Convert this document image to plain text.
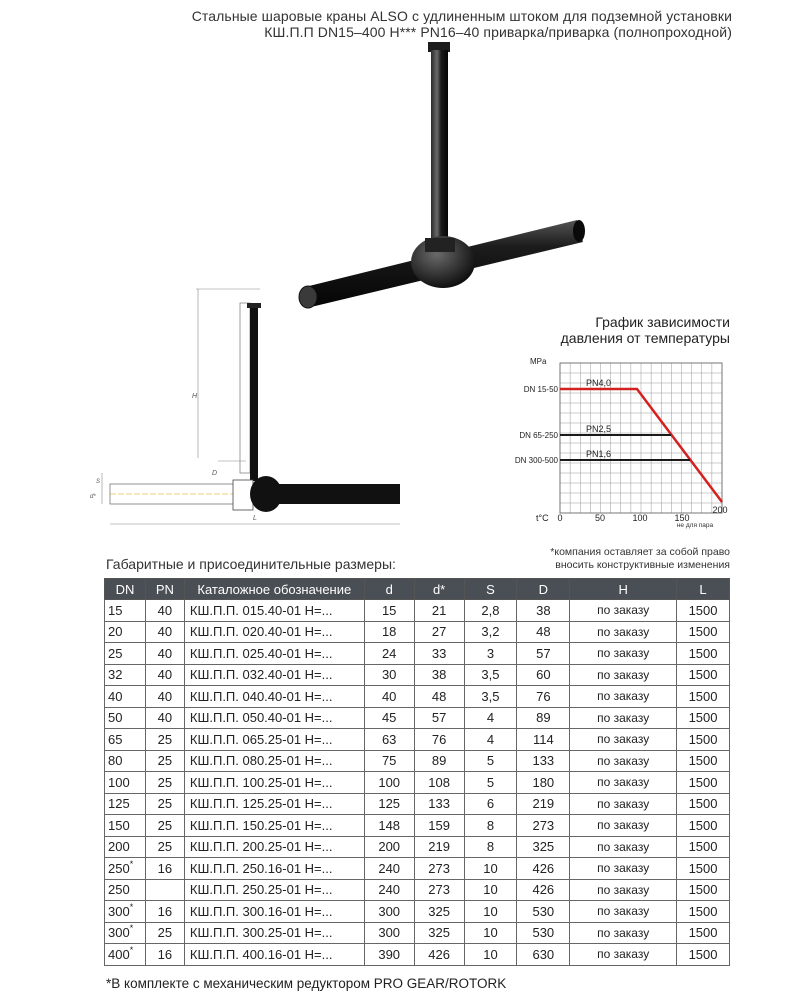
Стальные шаровые краны ALSO с удлиненным штоком для подземной установки
КШ.П.П DN15–400 Н*** PN16–40 приварка/приварка (полнопроходной)
H
D
L
S
d*
График зависимости
давления от температуры
MPa
DN 15-50
DN 65-250
DN 300-500
PN4,0
PN2,5
PN1,6
t°C 0	50	100	150
200
не для пара
*компания оставляет за собой право
вносить конструктивные изменения
Габаритные и присоединительные размеры:
DN	PN	Каталожное обозначение	d	d*	S	D	H	L
15	40	КШ.П.П. 015.40-01 Н=...	15	21	2,8	38	по заказу	1500
20	40	КШ.П.П. 020.40-01 Н=...	18	27	3,2	48	по заказу	1500
25	40	КШ.П.П. 025.40-01 Н=...	24	33	3	57	по заказу	1500
32	40	КШ.П.П. 032.40-01 Н=...	30	38	3,5	60	по заказу	1500
40	40	КШ.П.П. 040.40-01 Н=...	40	48	3,5	76	по заказу	1500
50	40	КШ.П.П. 050.40-01 Н=...	45	57	4	89	по заказу	1500
65	25	КШ.П.П. 065.25-01 Н=...	63	76	4	114	по заказу	1500
80	25	КШ.П.П. 080.25-01 Н=...	75	89	5	133	по заказу	1500
100	25	КШ.П.П. 100.25-01 Н=...	100	108	5	180	по заказу	1500
125	25	КШ.П.П. 125.25-01 Н=...	125	133	6	219	по заказу	1500
150	25	КШ.П.П. 150.25-01 Н=...	148	159	8	273	по заказу	1500
200	25	КШ.П.П. 200.25-01 Н=...	200	219	8	325	по заказу	1500
250*	16	КШ.П.П. 250.16-01 Н=...	240	273	10	426	по заказу	1500
250		КШ.П.П. 250.25-01 Н=...	240	273	10	426	по заказу	1500
300*	16	КШ.П.П. 300.16-01 Н=...	300	325	10	530	по заказу	1500
300*	25	КШ.П.П. 300.25-01 Н=...	300	325	10	530	по заказу	1500
400*	16	КШ.П.П. 400.16-01 Н=...	390	426	10	630	по заказу	1500
*В комплекте с механическим редуктором PRO GEAR/ROTORK
